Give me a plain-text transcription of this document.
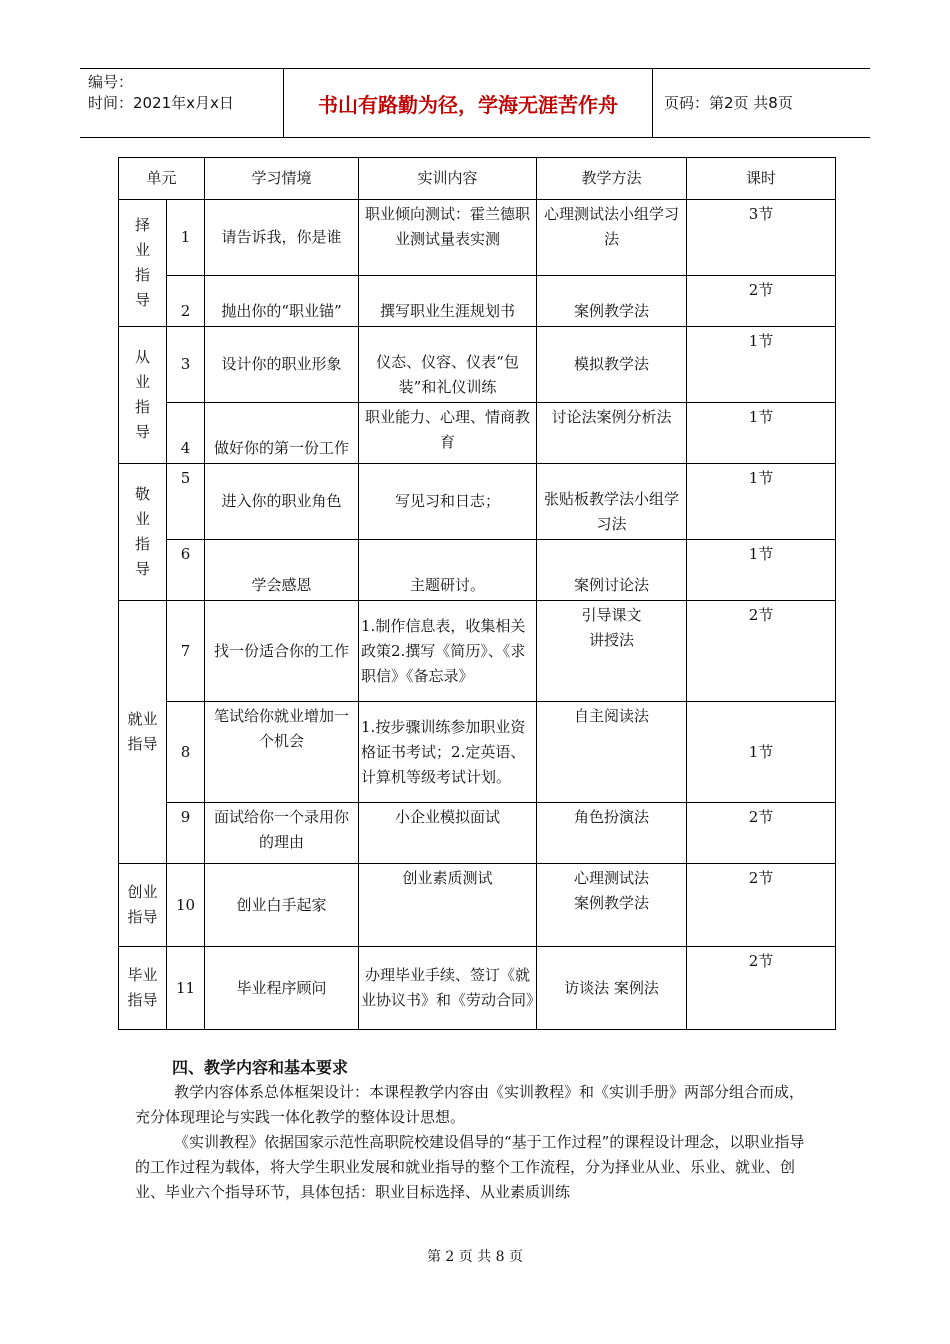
编号：
时间：2021年x月x日	书山有路勤为径，学海无涯苦作舟	页码：第2页 共8页
单元		学习情境	实训内容	教学方法	课时

择业指导	1	请告诉我，你是谁	职业倾向测试：霍兰德职业测试量表实测	心理测试法小组学习法	3节
	2	抛出你的“职业锚”	撰写职业生涯规划书	案例教学法	2节

从业指导	3	设计你的职业形象	仪态、仪容、仪表“包装”和礼仪训练	模拟教学法	1节
	4	做好你的第一份工作	职业能力、心理、情商教育	讨论法案例分析法	1节

敬业指导	5	进入你的职业角色	写见习和日志；	张贴板教学法小组学习法	1节
	6	学会感恩	主题研讨。	案例讨论法	1节

就业指导	7	找一份适合你的工作	1.制作信息表，收集相关政策2.撰写《简历》、《求职信》《备忘录》	引导课文讲授法	2节
	8	笔试给你就业增加一个机会	1.按步骤训练参加职业资格证书考试；2.定英语、计算机等级考试计划。	自主阅读法	1节
	9	面试给你一个录用你的理由	小企业模拟面试	角色扮演法	2节

创业指导	10	创业白手起家	创业素质测试	心理测试法案例教学法	2节

毕业指导	11	毕业程序顾问	办理毕业手续、签订《就业协议书》和《劳动合同》	访谈法 案例法	2节
四、教学内容和基本要求

教学内容体系总体框架设计：本课程教学内容由《实训教程》和《实训手册》两部分组合而成，充分体现理论与实践一体化教学的整体设计思想。

《实训教程》依据国家示范性高职院校建设倡导的“基于工作过程”的课程设计理念，以职业指导的工作过程为载体，将大学生职业发展和就业指导的整个工作流程，分为择业从业、乐业、就业、创业、毕业六个指导环节，具体包括：职业目标选择、从业素质训练

第 2 页 共 8 页
